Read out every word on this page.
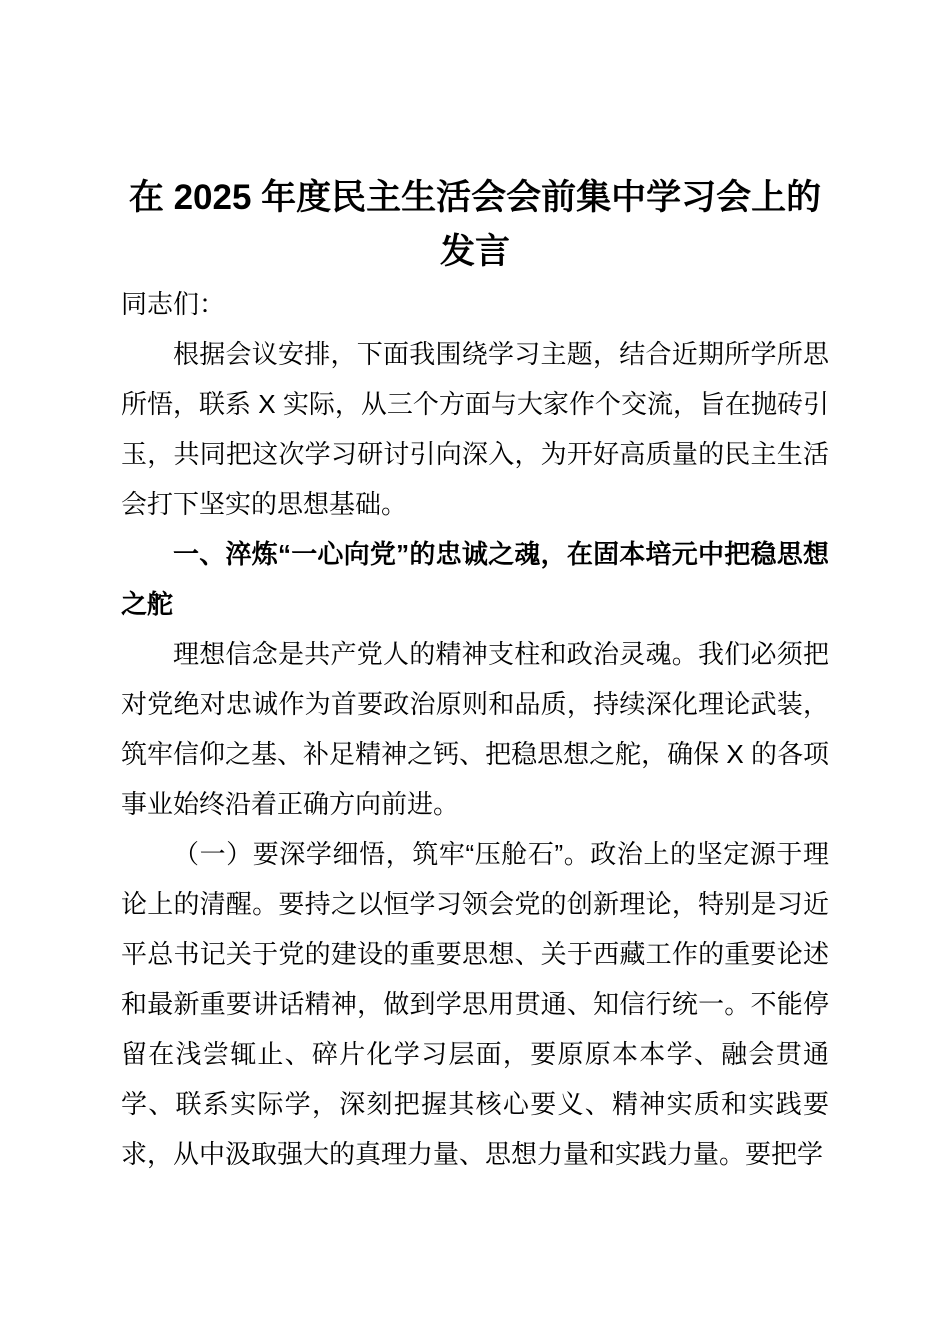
在 2025 年度民主生活会会前集中学习会上的发言

同志们：

根据会议安排，下面我围绕学习主题，结合近期所学所思所悟，联系 X 实际，从三个方面与大家作个交流，旨在抛砖引玉，共同把这次学习研讨引向深入，为开好高质量的民主生活会打下坚实的思想基础。

一、淬炼“一心向党”的忠诚之魂，在固本培元中把稳思想之舵

理想信念是共产党人的精神支柱和政治灵魂。我们必须把对党绝对忠诚作为首要政治原则和品质，持续深化理论武装，筑牢信仰之基、补足精神之钙、把稳思想之舵，确保 X 的各项事业始终沿着正确方向前进。

（一）要深学细悟，筑牢“压舱石”。政治上的坚定源于理论上的清醒。要持之以恒学习领会党的创新理论，特别是习近平总书记关于党的建设的重要思想、关于西藏工作的重要论述和最新重要讲话精神，做到学思用贯通、知信行统一。不能停留在浅尝辄止、碎片化学习层面，要原原本本学、融会贯通学、联系实际学，深刻把握其核心要义、精神实质和实践要求，从中汲取强大的真理力量、思想力量和实践力量。要把学
